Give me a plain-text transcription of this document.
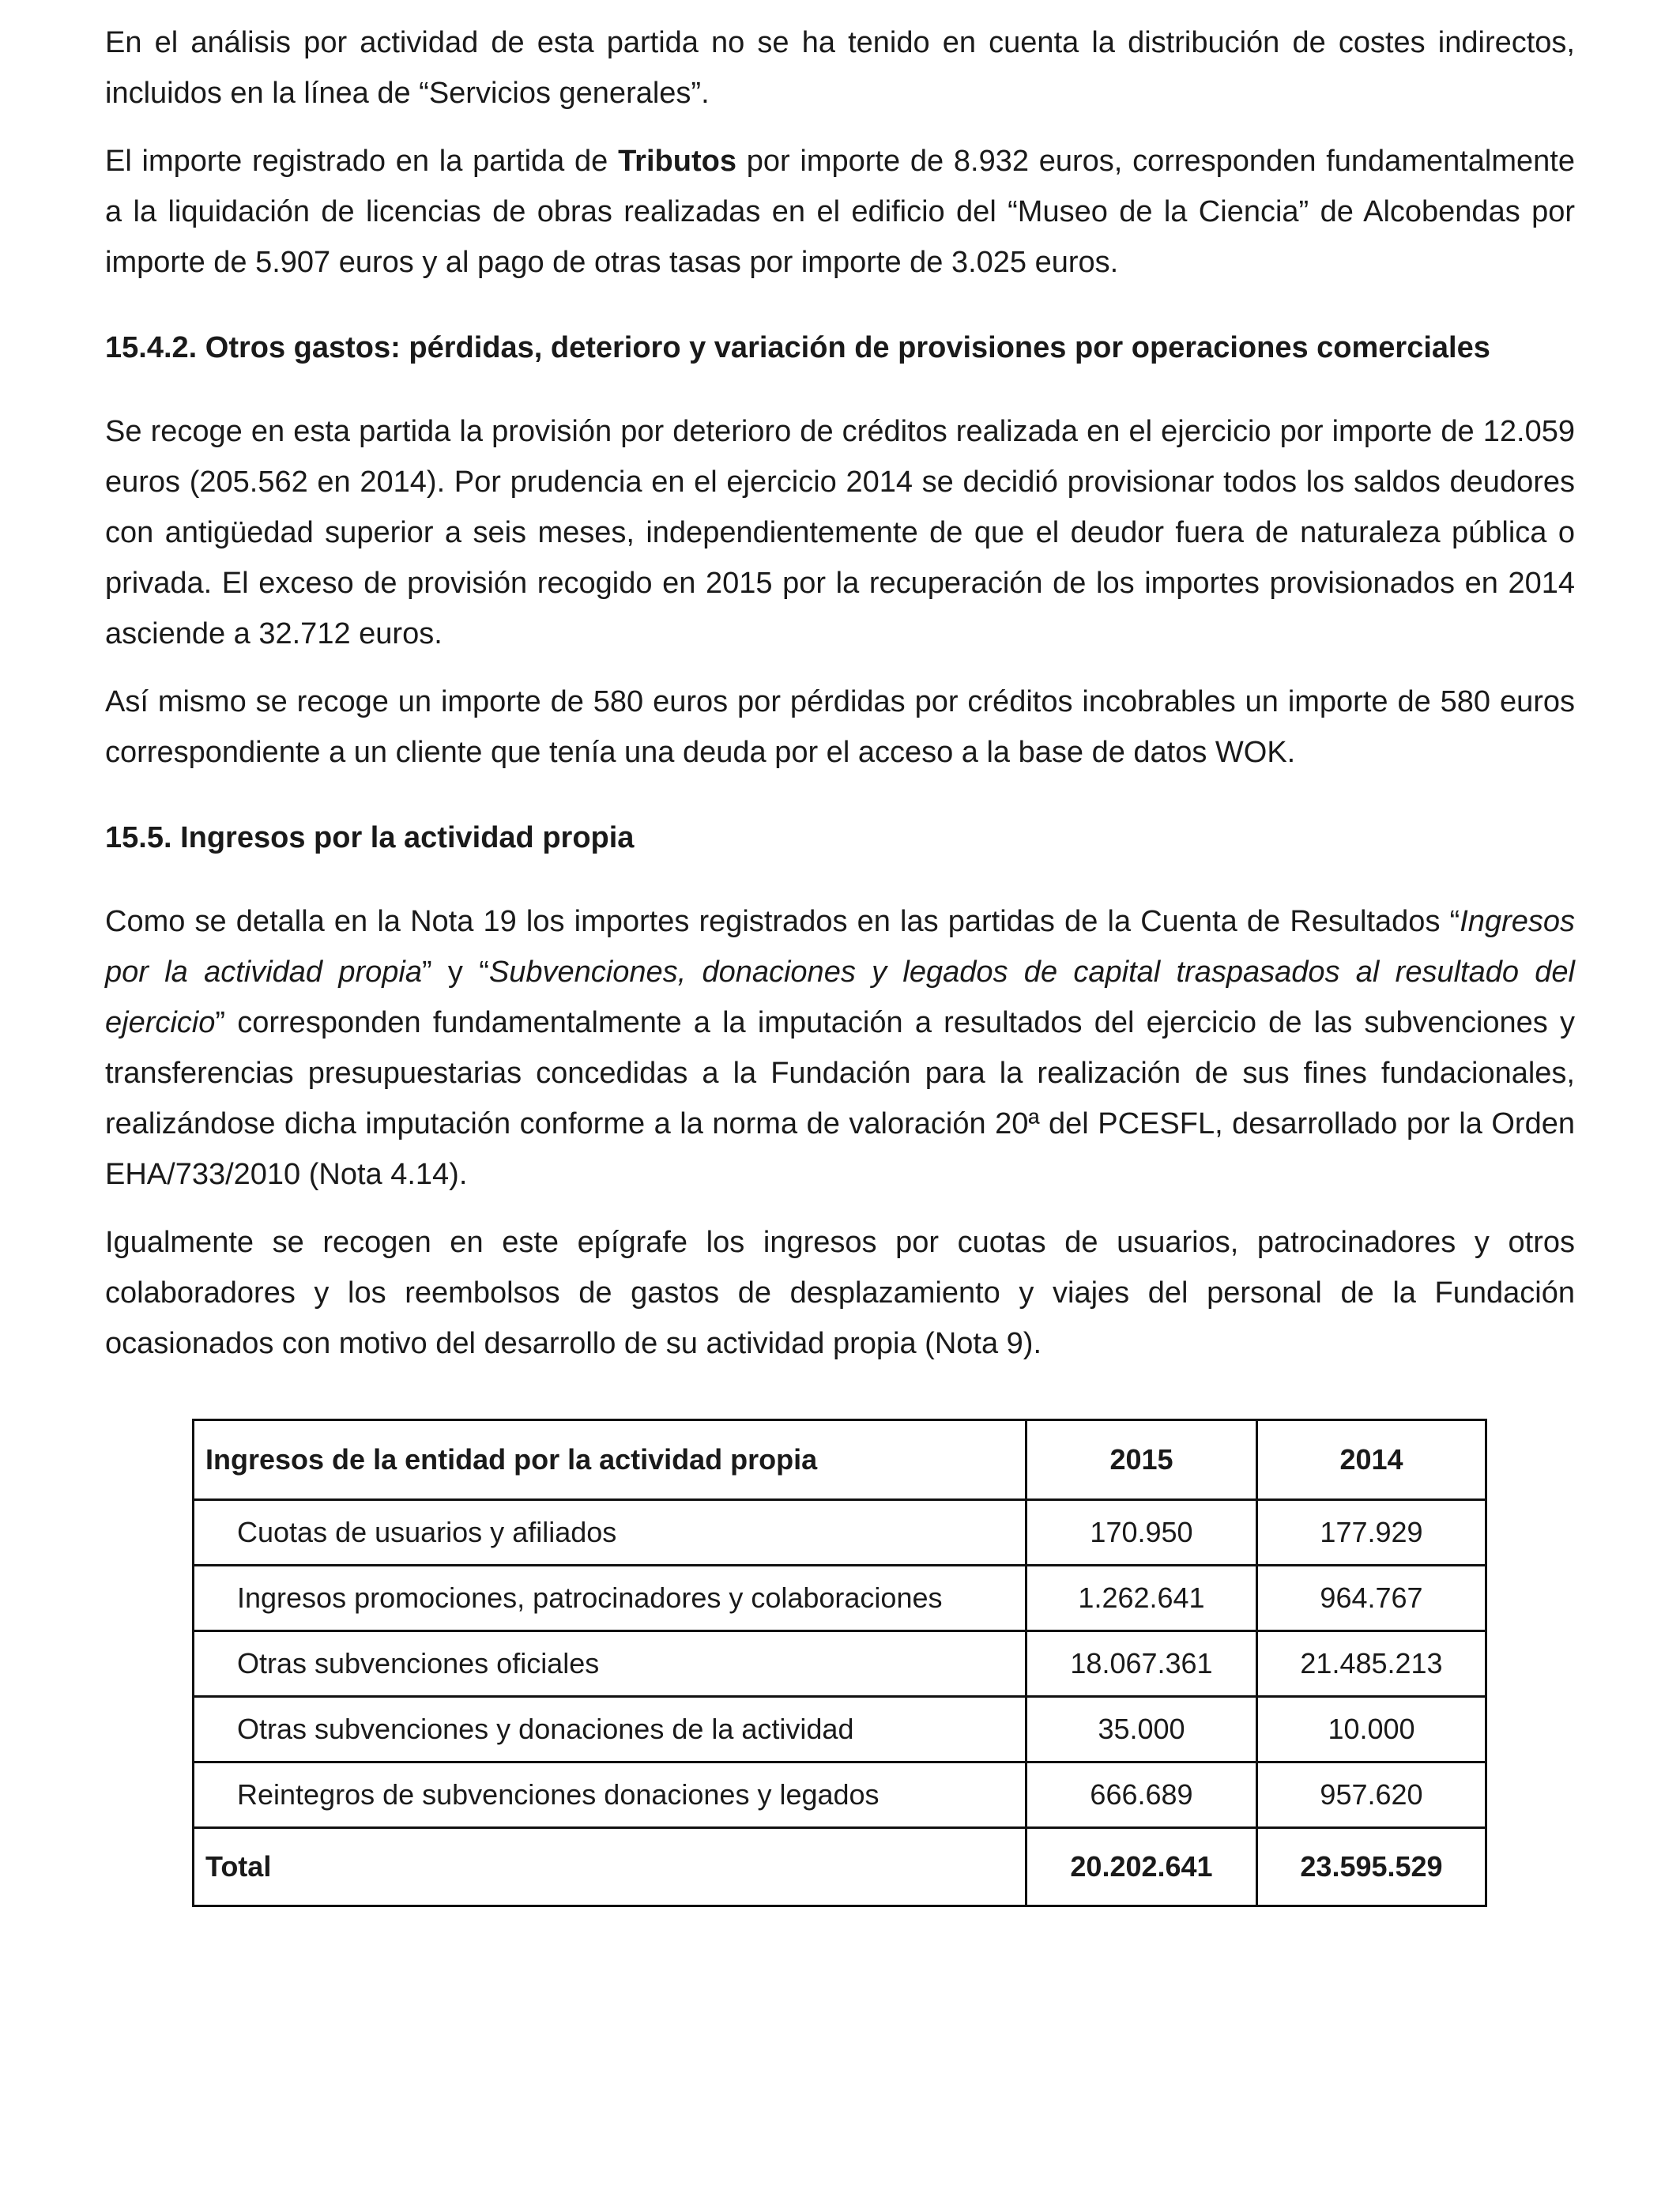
En el análisis por actividad de esta partida no se ha tenido en cuenta la distribución de costes indirectos, incluidos en la línea de “Servicios generales”.

El importe registrado en la partida de Tributos por importe de 8.932 euros, corresponden fundamentalmente a la liquidación de licencias de obras realizadas en el edificio del “Museo de la Ciencia” de Alcobendas por importe de 5.907 euros y al pago de otras tasas por importe de 3.025 euros.

15.4.2. Otros gastos: pérdidas, deterioro y variación de provisiones por operaciones comerciales

Se recoge en esta partida la provisión por deterioro de créditos realizada en el ejercicio por importe de 12.059 euros (205.562 en 2014). Por prudencia en el ejercicio 2014 se decidió provisionar todos los saldos deudores con antigüedad superior a seis meses, independientemente de que el deudor fuera de naturaleza pública o privada. El exceso de provisión recogido en 2015 por la recuperación de los importes provisionados en 2014 asciende a 32.712 euros.

Así mismo se recoge un importe de 580 euros por pérdidas por créditos incobrables un importe de 580 euros correspondiente a un cliente que tenía una deuda por el acceso a la base de datos WOK.

15.5. Ingresos por la actividad propia

Como se detalla en la Nota 19 los importes registrados en las partidas de la Cuenta de Resultados “Ingresos por la actividad propia” y “Subvenciones, donaciones y legados de capital traspasados al resultado del ejercicio” corresponden fundamentalmente a la imputación a resultados del ejercicio de las subvenciones y transferencias presupuestarias concedidas a la Fundación para la realización de sus fines fundacionales, realizándose dicha imputación conforme a la norma de valoración 20ª del PCESFL, desarrollado por la Orden EHA/733/2010 (Nota 4.14).

Igualmente se recogen en este epígrafe los ingresos por cuotas de usuarios, patrocinadores y otros colaboradores y los reembolsos de gastos de desplazamiento y viajes del personal de la Fundación ocasionados con motivo del desarrollo de su actividad propia (Nota 9).

Ingresos de la entidad por la actividad propia	2015	2014
Cuotas de usuarios y afiliados	170.950	177.929
Ingresos promociones, patrocinadores y colaboraciones	1.262.641	964.767
Otras subvenciones oficiales	18.067.361	21.485.213
Otras subvenciones y donaciones de la actividad	35.000	10.000
Reintegros de subvenciones donaciones y legados	666.689	957.620
Total	20.202.641	23.595.529
